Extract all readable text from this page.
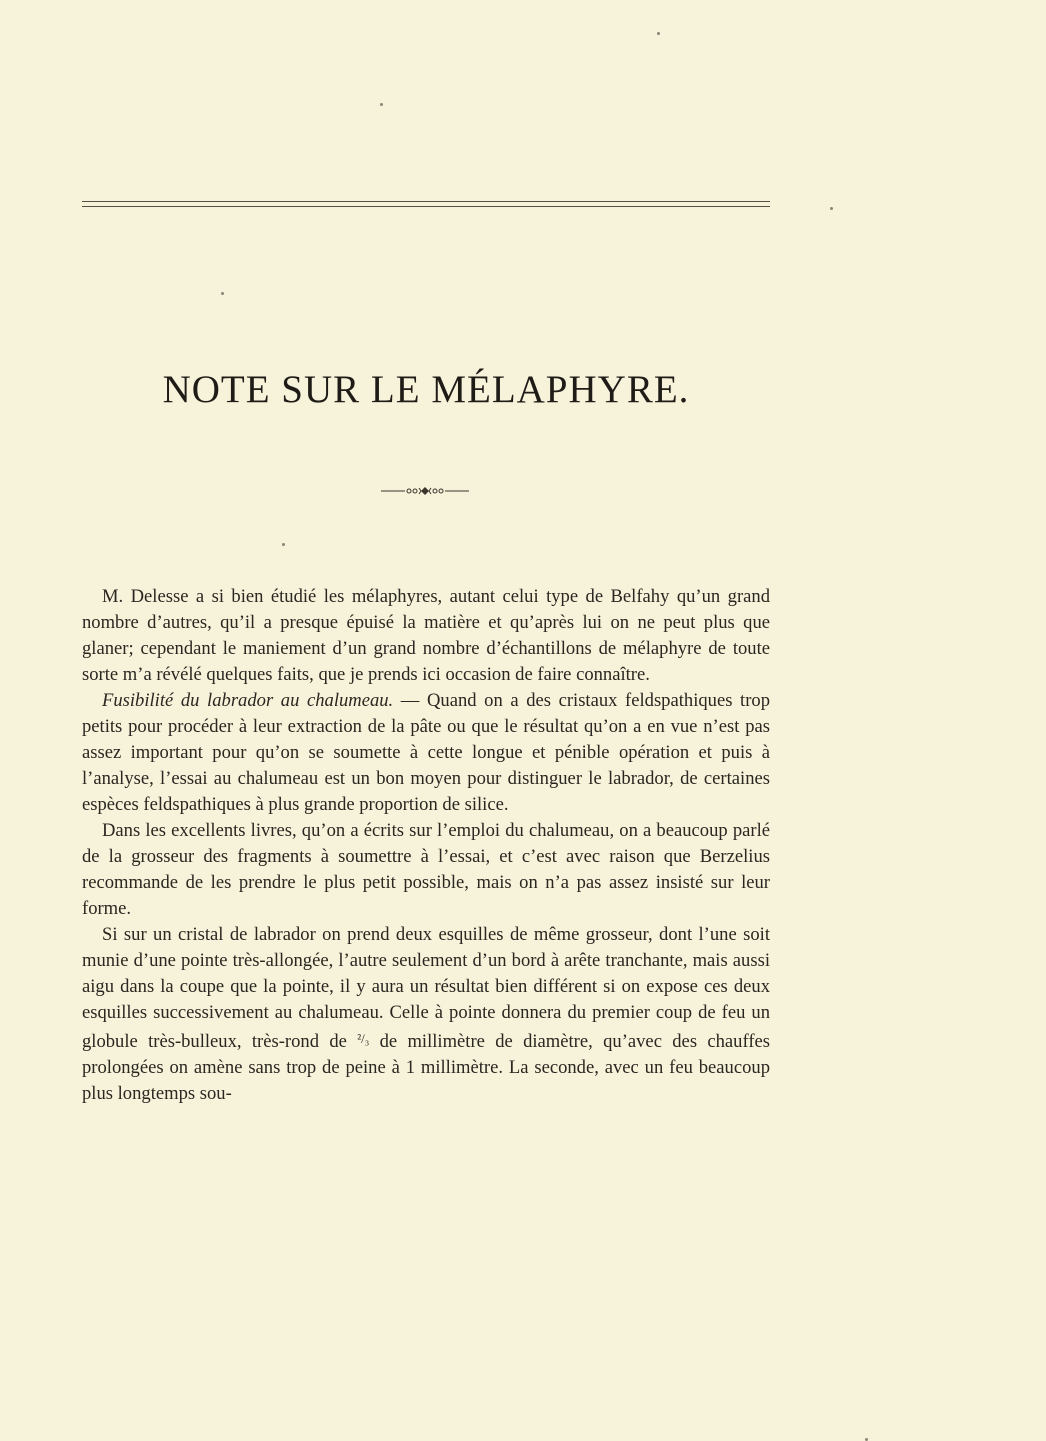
NOTE SUR LE MÉLAPHYRE.

M. Delesse a si bien étudié les mélaphyres, autant celui type de Belfahy qu’un grand nombre d’autres, qu’il a presque épuisé la matière et qu’après lui on ne peut plus que glaner; cependant le maniement d’un grand nombre d’échantillons de mélaphyre de toute sorte m’a révélé quelques faits, que je prends ici occasion de faire connaître.

Fusibilité du labrador au chalumeau. — Quand on a des cristaux feldspathiques trop petits pour procéder à leur extraction de la pâte ou que le résultat qu’on a en vue n’est pas assez important pour qu’on se soumette à cette longue et pénible opération et puis à l’analyse, l’essai au chalumeau est un bon moyen pour distinguer le labrador, de certaines espèces feldspathiques à plus grande proportion de silice.

Dans les excellents livres, qu’on a écrits sur l’emploi du chalumeau, on a beaucoup parlé de la grosseur des fragments à soumettre à l’essai, et c’est avec raison que Berzelius recommande de les prendre le plus petit possible, mais on n’a pas assez insisté sur leur forme.

Si sur un cristal de labrador on prend deux esquilles de même grosseur, dont l’une soit munie d’une pointe très-allongée, l’autre seulement d’un bord à arête tranchante, mais aussi aigu dans la coupe que la pointe, il y aura un résultat bien différent si on expose ces deux esquilles successivement au chalumeau. Celle à pointe donnera du premier coup de feu un globule très-bulleux, très-rond de $^{^2/_3}$ de millimètre de diamètre, qu’avec des chauffes prolongées on amène sans trop de peine à 1 millimètre. La seconde, avec un feu beaucoup plus longtemps sou-
